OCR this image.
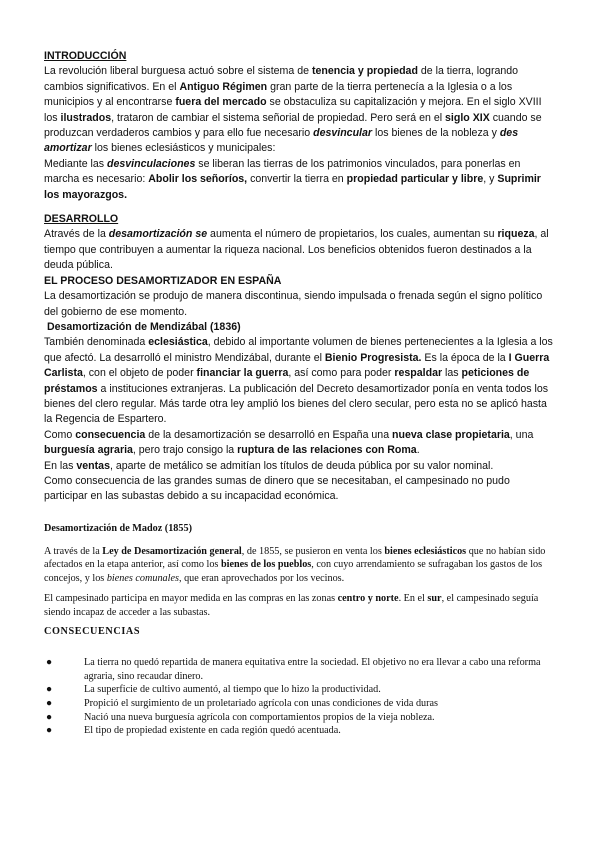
INTRODUCCIÓN

La revolución liberal burguesa actuó sobre el sistema de tenencia y propiedad de la tierra, logrando cambios significativos. En el Antiguo Régimen gran parte de la tierra pertenecía a la Iglesia o a los municipios y al encontrarse fuera del mercado se obstaculiza su capitalización y mejora. En el siglo XVIII los ilustrados, trataron de cambiar el sistema señorial de propiedad. Pero será en el siglo XIX cuando se produzcan verdaderos cambios y para ello fue necesario desvincular los bienes de la nobleza y des amortizar los bienes eclesiásticos y municipales:

Mediante las desvinculaciones se liberan las tierras de los patrimonios vinculados, para ponerlas en marcha es necesario: Abolir los señoríos, convertir la tierra en propiedad particular y libre, y Suprimir los mayorazgos.

DESARROLLO

Através de la desamortización se aumenta el número de propietarios, los cuales, aumentan su riqueza, al tiempo que contribuyen a aumentar la riqueza nacional. Los beneficios obtenidos fueron destinados a la deuda pública.

EL PROCESO DESAMORTIZADOR EN ESPAÑA

La desamortización se produjo de manera discontinua, siendo impulsada o frenada según el signo político del gobierno de ese momento.

Desamortización de Mendizábal (1836)

También denominada eclesiástica, debido al importante volumen de bienes pertenecientes a la Iglesia a los que afectó. La desarrolló el ministro Mendizábal, durante el Bienio Progresista. Es la época de la I Guerra Carlista, con el objeto de poder financiar la guerra, así como para poder respaldar las peticiones de préstamos a instituciones extranjeras. La publicación del Decreto desamortizador ponía en venta todos los bienes del clero regular. Más tarde otra ley amplió los bienes del clero secular, pero esta no se aplicó hasta la Regencia de Espartero.

Como consecuencia de la desamortización se desarrolló en España una nueva clase propietaria, una burguesía agraria, pero trajo consigo la ruptura de las relaciones con Roma.

En las ventas, aparte de metálico se admitían los títulos de deuda pública por su valor nominal.

Como consecuencia de las grandes sumas de dinero que se necesitaban, el campesinado no pudo participar en las subastas debido a su incapacidad económica.

Desamortización de Madoz (1855)

A través de la Ley de Desamortización general, de 1855, se pusieron en venta los bienes eclesiásticos que no habían sido afectados en la etapa anterior, así como los bienes de los pueblos, con cuyo arrendamiento se sufragaban los gastos de los concejos, y los bienes comunales, que eran aprovechados por los vecinos.

El campesinado participa en mayor medida en las compras en las zonas centro y norte. En el sur, el campesinado seguía siendo incapaz de acceder a las subastas.

CONSECUENCIAS

●	La tierra no quedó repartida de manera equitativa entre la sociedad. El objetivo no era llevar a cabo una reforma agraria, sino recaudar dinero.
●	La superficie de cultivo aumentó, al tiempo que lo hizo la productividad.
●	Propició el surgimiento de un proletariado agrícola con unas condiciones de vida duras
●	Nació una nueva burguesía agrícola con comportamientos propios de la vieja nobleza.
●	El tipo de propiedad existente en cada región quedó acentuada.
